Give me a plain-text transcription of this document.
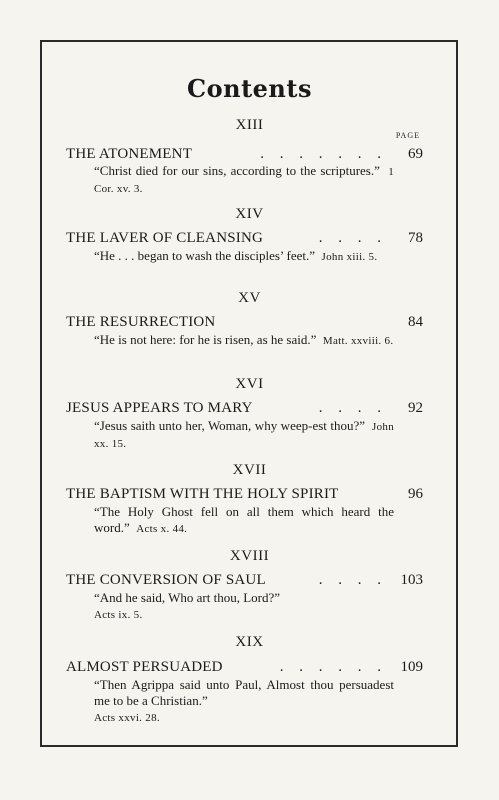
Contents
PAGE
XIII
THE ATONEMENT	. . . . . . . 69
“Christ died for our sins, according to the scriptures.” 1 Cor. xv. 3.
XIV
THE LAVER OF CLEANSING	. . . . 78
“He . . . began to wash the disciples’ feet.” John xiii. 5.
XV
THE RESURRECTION	84
“He is not here: for he is risen, as he said.” Matt. xxviii. 6.
XVI
JESUS APPEARS TO MARY	. . . . 92
“Jesus saith unto her, Woman, why weep-est thou?” John xx. 15.
XVII
THE BAPTISM WITH THE HOLY SPIRIT	96
“The Holy Ghost fell on all them which heard the word.” Acts x. 44.
XVIII
THE CONVERSION OF SAUL	. . . . 103
“And he said, Who art thou, Lord?”
Acts ix. 5.
XIX
ALMOST PERSUADED	. . . . . . 109
“Then Agrippa said unto Paul, Almost thou persuadest me to be a Christian.”
Acts xxvi. 28.
